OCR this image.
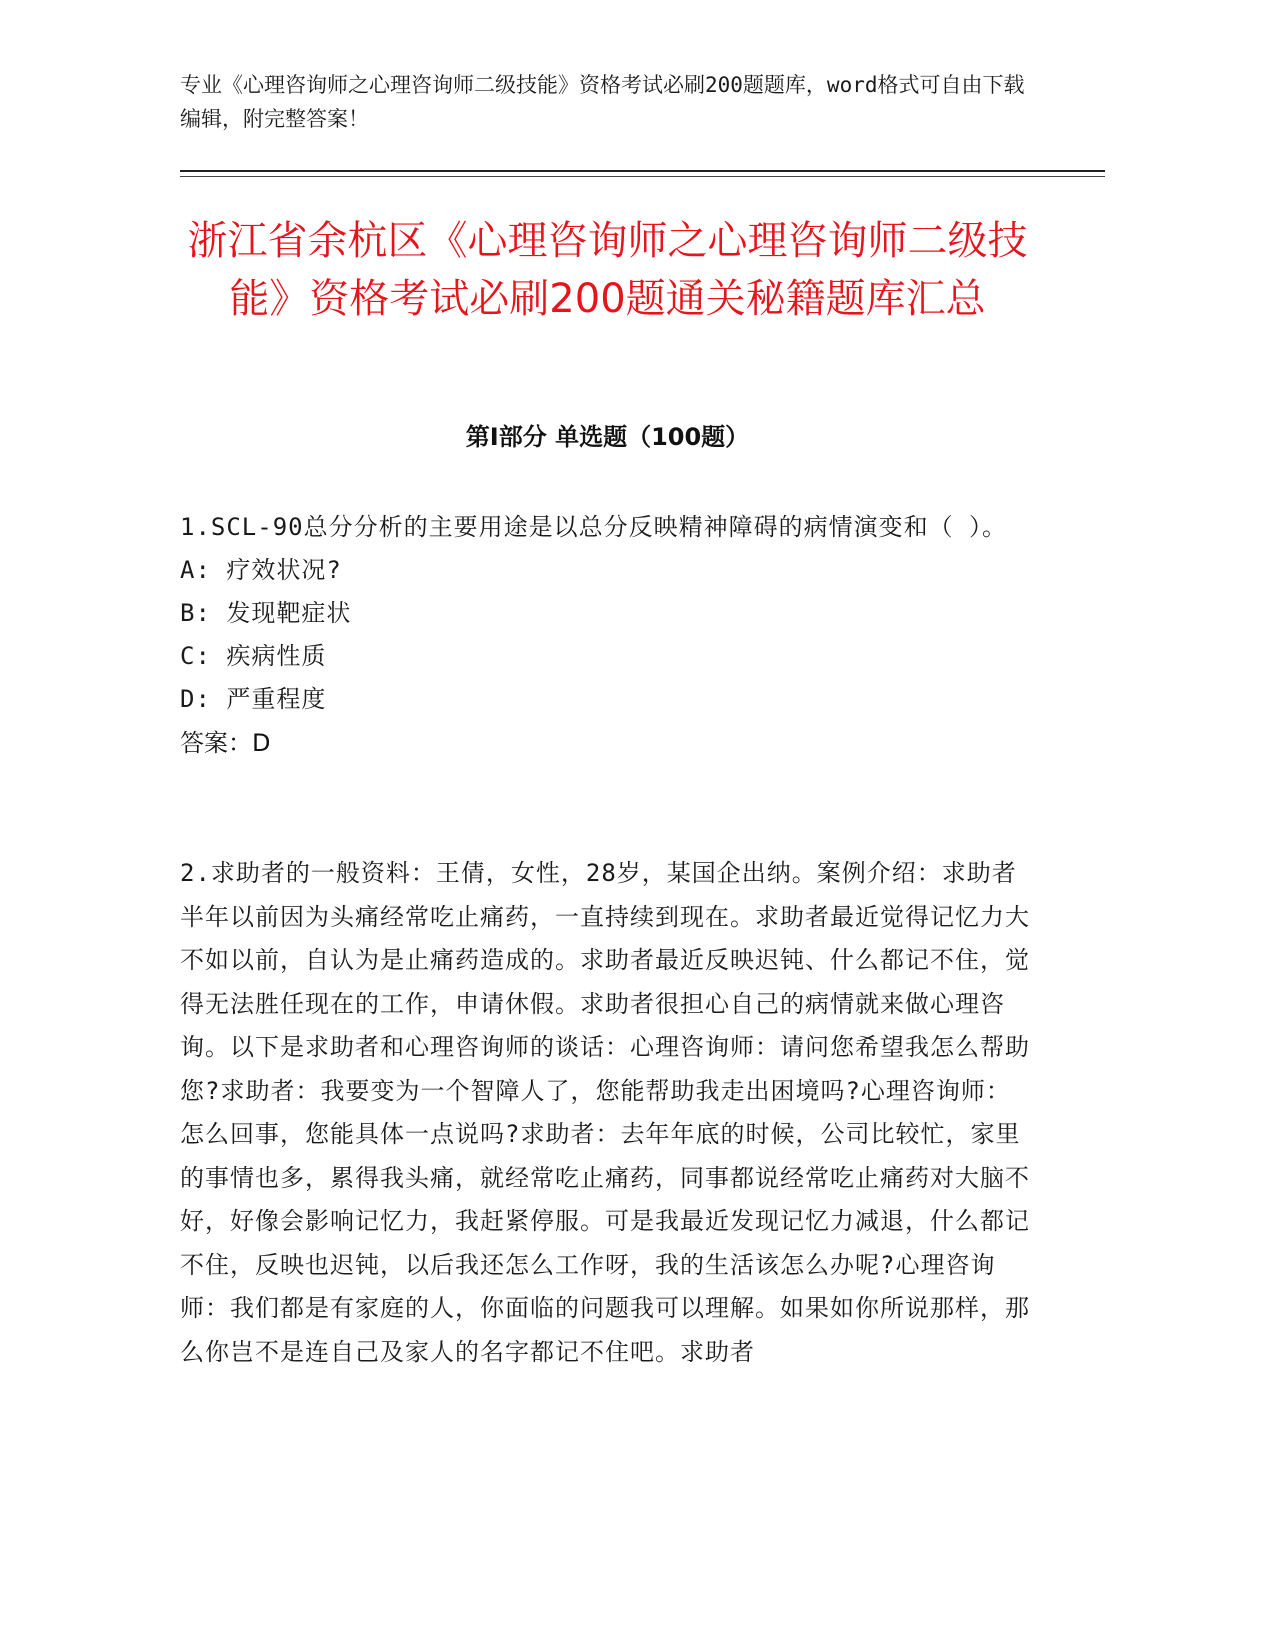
专业《心理咨询师之心理咨询师二级技能》资格考试必刷200题题库，word格式可自由下载编辑，附完整答案！
浙江省余杭区《心理咨询师之心理咨询师二级技能》资格考试必刷200题通关秘籍题库汇总
第Ⅰ部分 单选题（100题）

1.SCL-90总分分析的主要用途是以总分反映精神障碍的病情演变和（ ）。

A: 疗效状况?

B: 发现靶症状

C: 疾病性质

D: 严重程度

答案：D

2.求助者的一般资料：王倩，女性，28岁，某国企出纳。案例介绍：求助者半年以前因为头痛经常吃止痛药，一直持续到现在。求助者最近觉得记忆力大不如以前，自认为是止痛药造成的。求助者最近反映迟钝、什么都记不住，觉得无法胜任现在的工作，申请休假。求助者很担心自己的病情就来做心理咨询。以下是求助者和心理咨询师的谈话：心理咨询师：请问您希望我怎么帮助您?求助者：我要变为一个智障人了，您能帮助我走出困境吗?心理咨询师：怎么回事，您能具体一点说吗?求助者：去年年底的时候，公司比较忙，家里的事情也多，累得我头痛，就经常吃止痛药，同事都说经常吃止痛药对大脑不好，好像会影响记忆力，我赶紧停服。可是我最近发现记忆力减退，什么都记不住，反映也迟钝，以后我还怎么工作呀，我的生活该怎么办呢?心理咨询师：我们都是有家庭的人，你面临的问题我可以理解。如果如你所说那样，那么你岂不是连自己及家人的名字都记不住吧。求助者
